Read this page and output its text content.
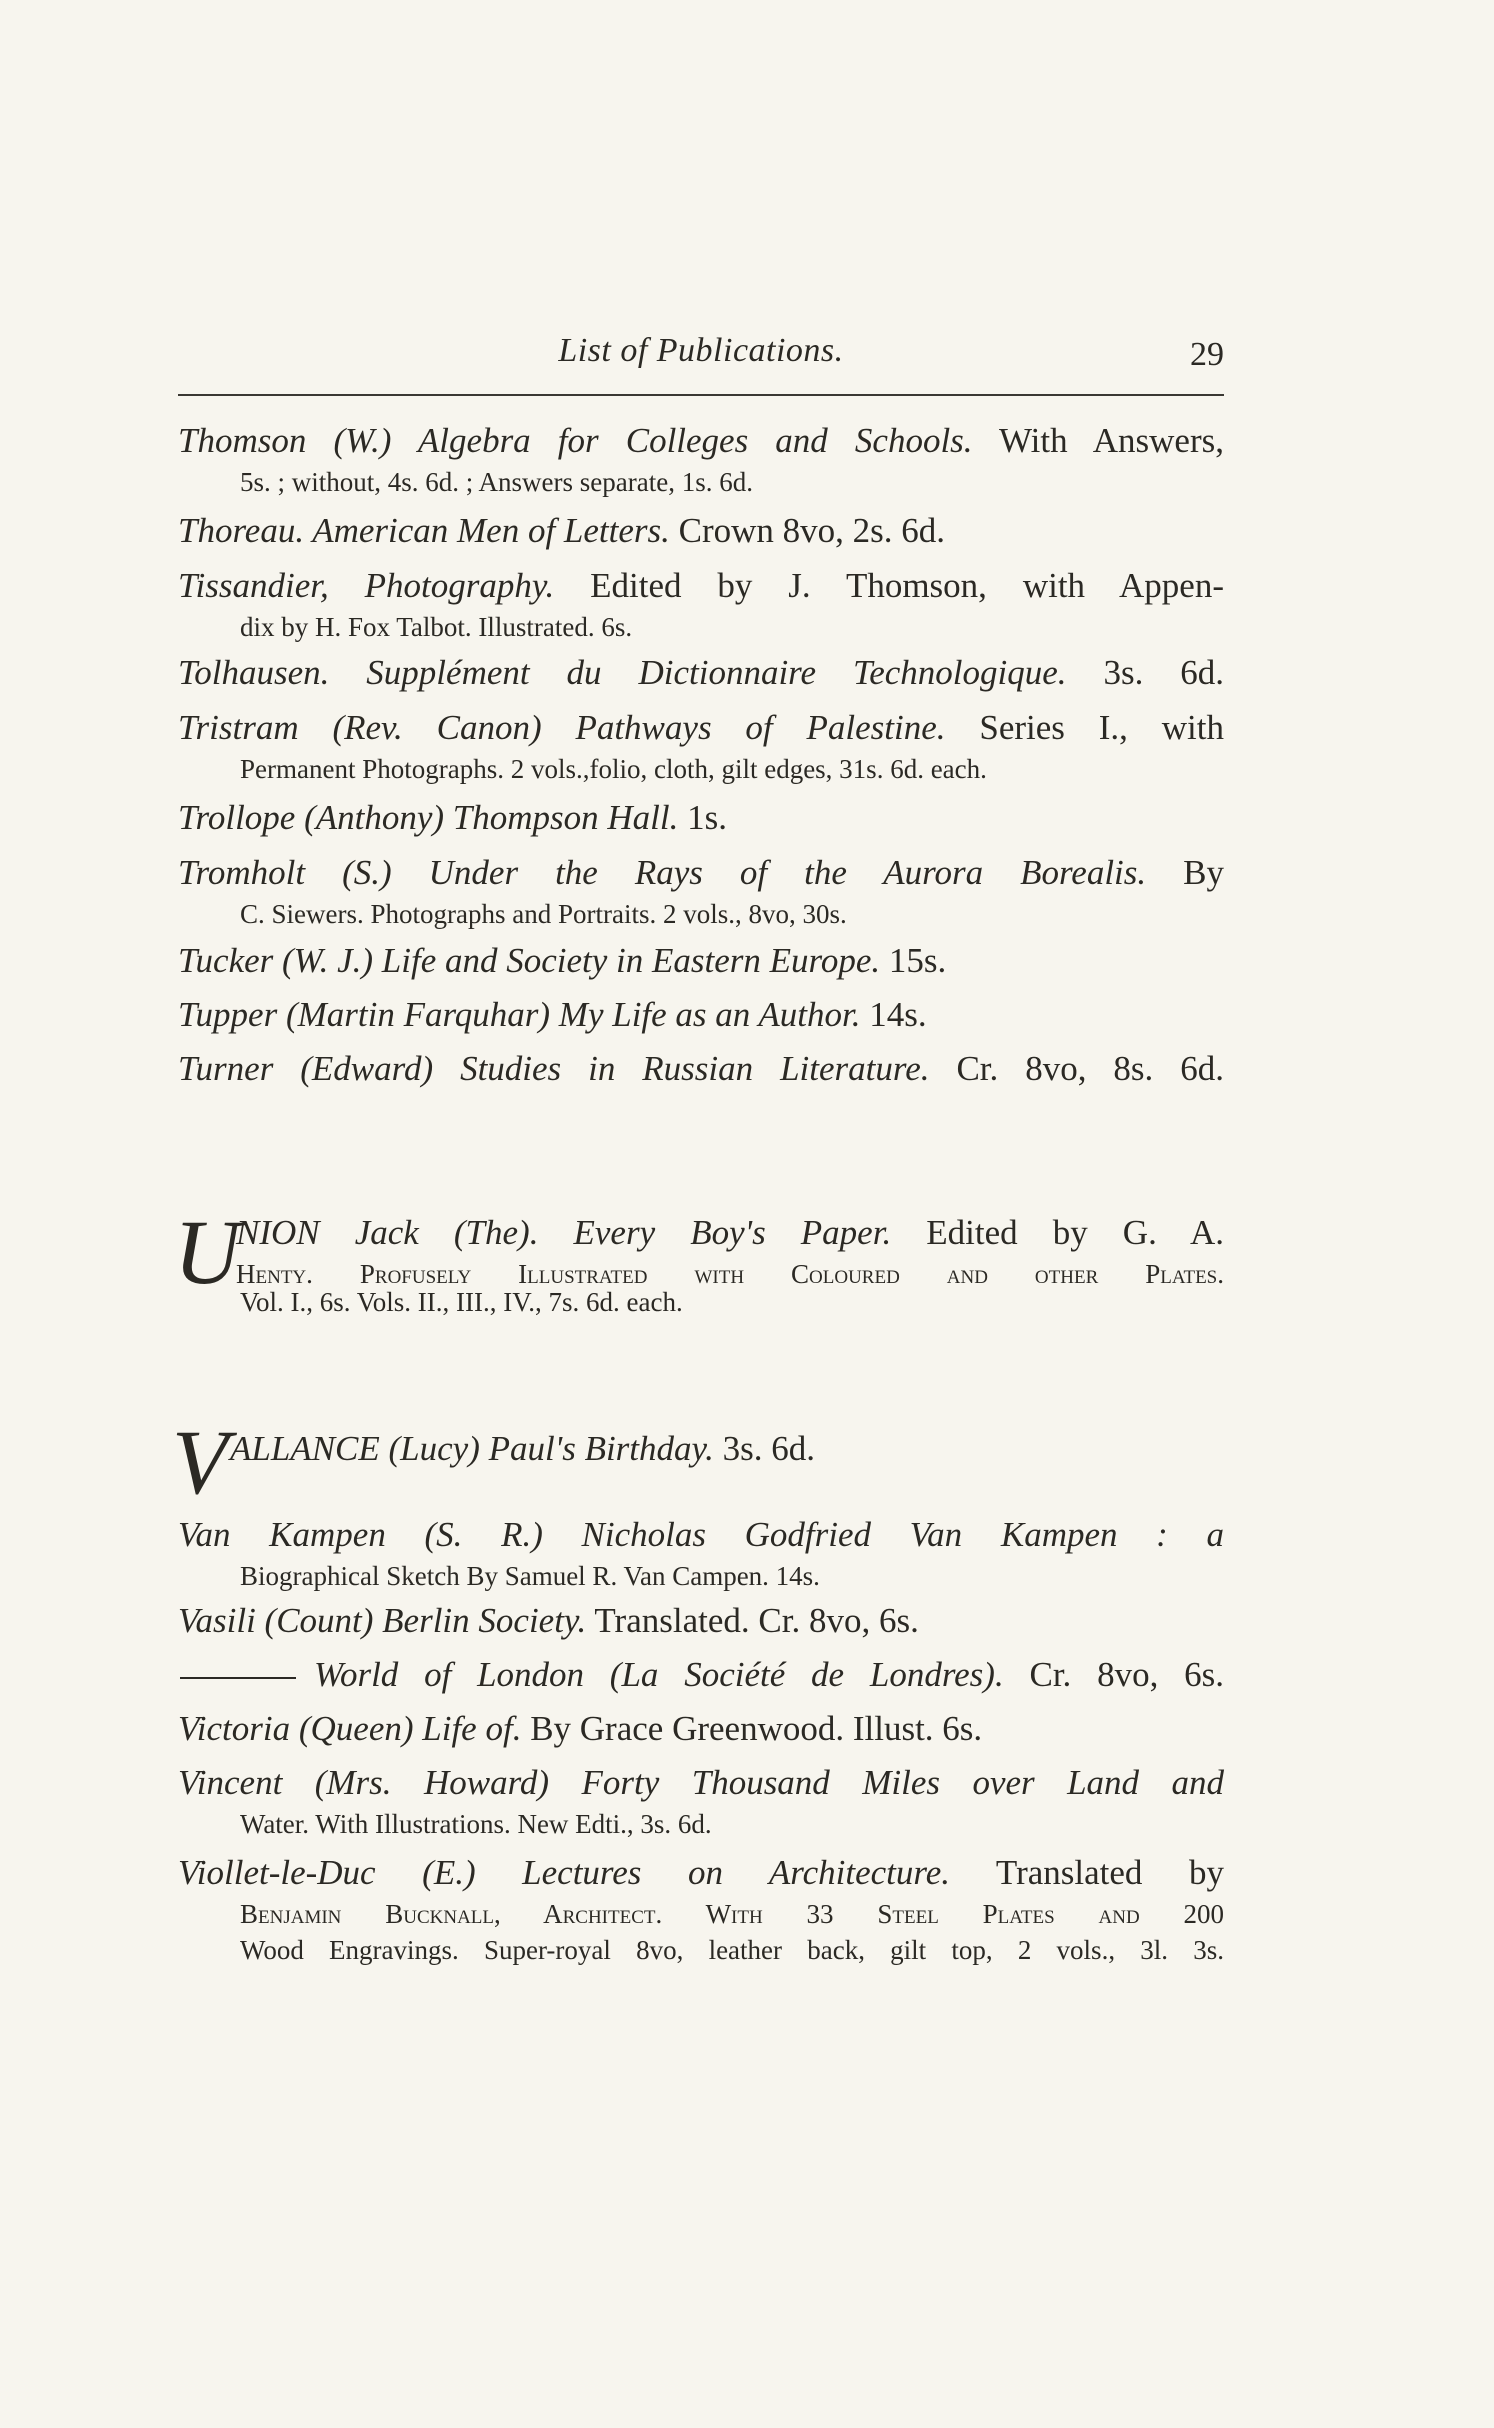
List of Publications.	29
Thomson (W.) Algebra for Colleges and Schools. With Answers,
5s. ; without, 4s. 6d. ; Answers separate, 1s. 6d.
Thoreau. American Men of Letters. Crown 8vo, 2s. 6d.
Tissandier, Photography. Edited by J. Thomson, with Appen-
dix by H. Fox Talbot. Illustrated. 6s.
Tolhausen. Supplément du Dictionnaire Technologique. 3s. 6d.
Tristram (Rev. Canon) Pathways of Palestine. Series I., with
Permanent Photographs. 2 vols.,folio, cloth, gilt edges, 31s. 6d. each.
Trollope (Anthony) Thompson Hall. 1s.
Tromholt (S.) Under the Rays of the Aurora Borealis. By
C. Siewers. Photographs and Portraits. 2 vols., 8vo, 30s.
Tucker (W. J.) Life and Society in Eastern Europe. 15s.
Tupper (Martin Farquhar) My Life as an Author. 14s.
Turner (Edward) Studies in Russian Literature. Cr. 8vo, 8s. 6d.
U
NION Jack (The). Every Boy's Paper. Edited by G. A.
Henty. Profusely Illustrated with Coloured and other Plates.
Vol. I., 6s. Vols. II., III., IV., 7s. 6d. each.
V ALLANCE (Lucy) Paul's Birthday. 3s. 6d.
Van Kampen (S. R.) Nicholas Godfried Van Kampen : a
Biographical Sketch By Samuel R. Van Campen. 14s.
Vasili (Count) Berlin Society. Translated. Cr. 8vo, 6s.
World of London (La Société de Londres). Cr. 8vo, 6s.
Victoria (Queen) Life of. By Grace Greenwood. Illust. 6s.
Vincent (Mrs. Howard) Forty Thousand Miles over Land and
Water. With Illustrations. New Edti., 3s. 6d.
Viollet-le-Duc (E.) Lectures on Architecture. Translated by
Benjamin Bucknall, Architect. With 33 Steel Plates and 200
Wood Engravings. Super-royal 8vo, leather back, gilt top, 2 vols., 3l. 3s.
